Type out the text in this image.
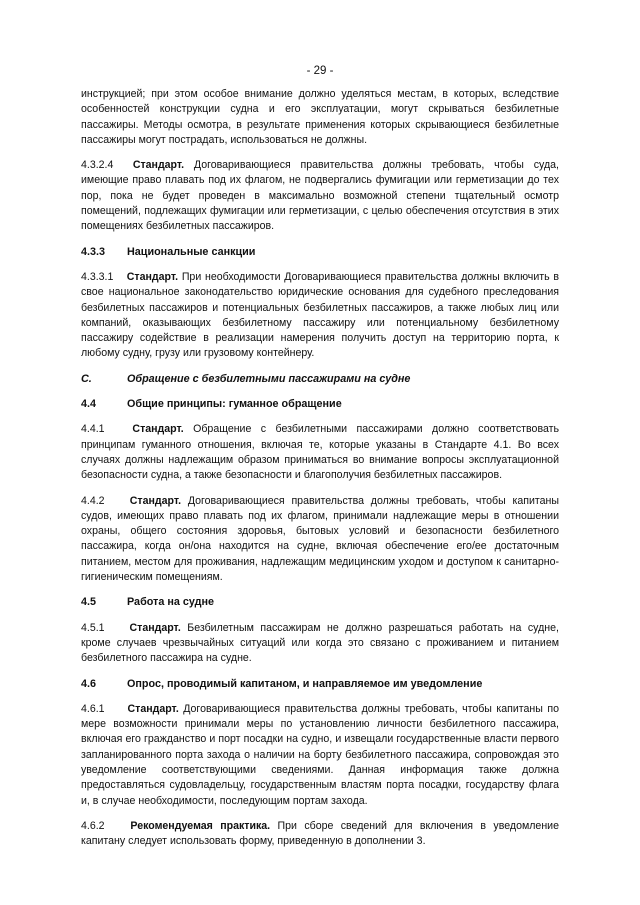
- 29 -

инструкцией; при этом особое внимание должно уделяться местам, в которых, вследствие особенностей конструкции судна и его эксплуатации, могут скрываться безбилетные пассажиры. Методы осмотра, в результате применения которых скрывающиеся безбилетные пассажиры могут пострадать, использоваться не должны.

4.3.2.4 Стандарт. Договаривающиеся правительства должны требовать, чтобы суда, имеющие право плавать под их флагом, не подвергались фумигации или герметизации до тех пор, пока не будет проведен в максимально возможной степени тщательный осмотр помещений, подлежащих фумигации или герметизации, с целью обеспечения отсутствия в этих помещениях безбилетных пассажиров.

4.3.3	Национальные санкции

4.3.3.1 Стандарт. При необходимости Договаривающиеся правительства должны включить в свое национальное законодательство юридические основания для судебного преследования безбилетных пассажиров и потенциальных безбилетных пассажиров, а также любых лиц или компаний, оказывающих безбилетному пассажиру или потенциальному безбилетному пассажиру содействие в реализации намерения получить доступ на территорию порта, к любому судну, грузу или грузовому контейнеру.

C.	Обращение с безбилетными пассажирами на судне
4.4	Общие принципы: гуманное обращение

4.4.1	Стандарт. Обращение с безбилетными пассажирами должно соответствовать принципам гуманного отношения, включая те, которые указаны в Стандарте 4.1. Во всех случаях должны надлежащим образом приниматься во внимание вопросы эксплуатационной безопасности судна, а также безопасности и благополучия безбилетных пассажиров.

4.4.2 Стандарт. Договаривающиеся правительства должны требовать, чтобы капитаны судов, имеющих право плавать под их флагом, принимали надлежащие меры в отношении охраны, общего состояния здоровья, бытовых условий и безопасности безбилетного пассажира, когда он/она находится на судне, включая обеспечение его/ее достаточным питанием, местом для проживания, надлежащим медицинским уходом и доступом к санитарно-гигиеническим помещениям.

4.5	Работа на судне

4.5.1 Стандарт. Безбилетным пассажирам не должно разрешаться работать на судне, кроме случаев чрезвычайных ситуаций или когда это связано с проживанием и питанием безбилетного пассажира на судне.

4.6	Опрос, проводимый капитаном, и направляемое им уведомление

4.6.1 Стандарт. Договаривающиеся правительства должны требовать, чтобы капитаны по мере возможности принимали меры по установлению личности безбилетного пассажира, включая его гражданство и порт посадки на судно, и извещали государственные власти первого запланированного порта захода о наличии на борту безбилетного пассажира, сопровождая это уведомление соответствующими сведениями. Данная информация также должна предоставляться судовладельцу, государственным властям порта посадки, государству флага и, в случае необходимости, последующим портам захода.

4.6.2 Рекомендуемая практика. При сборе сведений для включения в уведомление капитану следует использовать форму, приведенную в дополнении 3.
